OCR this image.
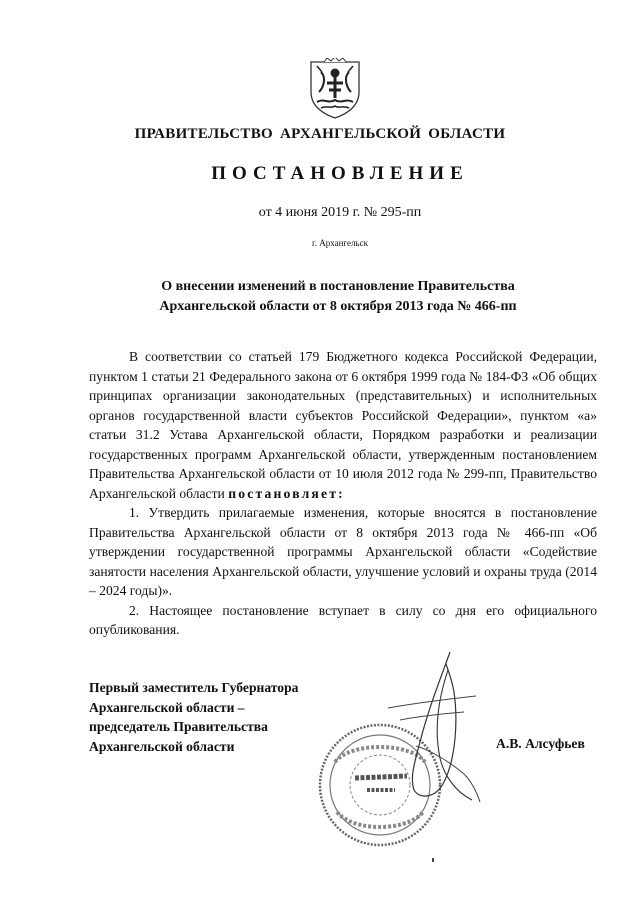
ПРАВИТЕЛЬСТВО АРХАНГЕЛЬСКОЙ ОБЛАСТИ
ПОСТАНОВЛЕНИЕ
от 4 июня 2019 г. № 295-пп
г. Архангельск
О внесении изменений в постановление Правительства
Архангельской области от 8 октября 2013 года № 466-пп

В соответствии со статьей 179 Бюджетного кодекса Российской Федерации, пунктом 1 статьи 21 Федерального закона от 6 октября 1999 года № 184-ФЗ «Об общих принципах организации законодательных (представительных) и исполнительных органов государственной власти субъектов Российской Федерации», пунктом «а» статьи 31.2 Устава Архангельской области, Порядком разработки и реализации государственных программ Архангельской области, утвержденным постановлением Правительства Архангельской области от 10 июля 2012 года № 299-пп, Правительство Архангельской области постановляет:

1. Утвердить прилагаемые изменения, которые вносятся в постановление Правительства Архангельской области от 8 октября 2013 года № 466-пп «Об утверждении государственной программы Архангельской области «Содействие занятости населения Архангельской области, улучшение условий и охраны труда (2014 – 2024 годы)».

2. Настоящее постановление вступает в силу со дня его официального опубликования.

Первый заместитель Губернатора
Архангельской области –
председатель Правительства
Архангельской области	А.В. Алсуфьев
